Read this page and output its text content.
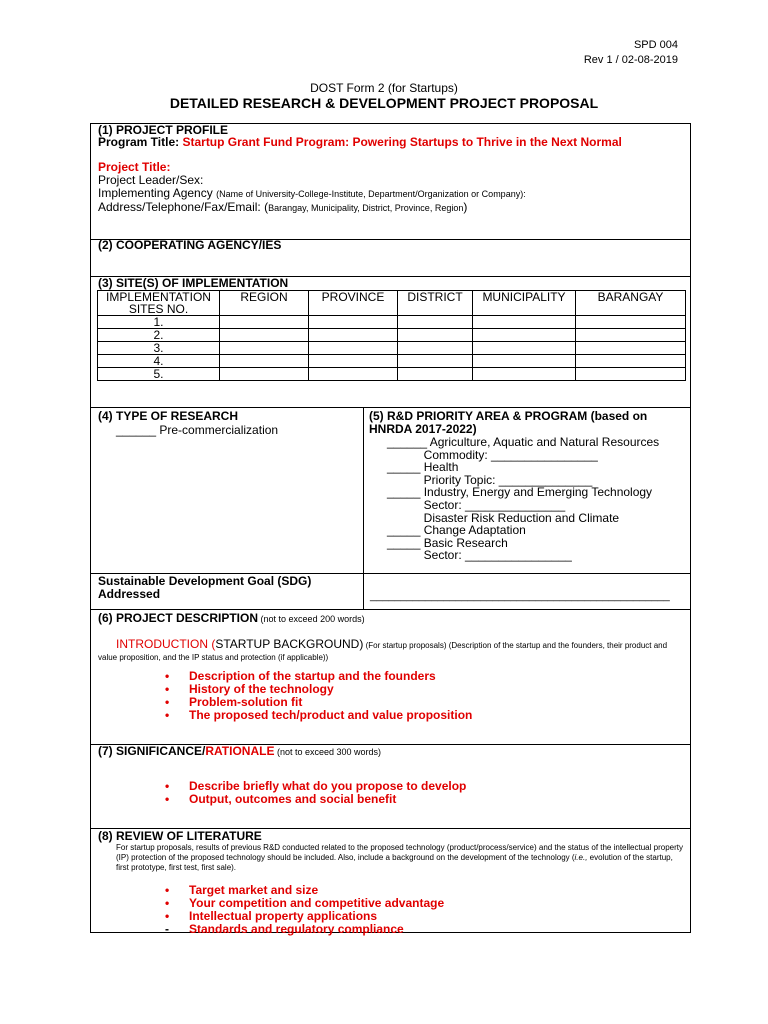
SPD 004
Rev 1 / 02-08-2019
DOST Form 2 (for Startups)
DETAILED RESEARCH & DEVELOPMENT PROJECT PROPOSAL
(1) PROJECT PROFILE
Program Title: Startup Grant Fund Program: Powering Startups to Thrive in the Next Normal
Project Title:
Project Leader/Sex:
Implementing Agency (Name of University-College-Institute, Department/Organization or Company):
Address/Telephone/Fax/Email: (Barangay, Municipality, District, Province, Region)
(2) COOPERATING AGENCY/IES
(3) SITE(S) OF IMPLEMENTATION
IMPLEMENTATION SITES NO.	REGION	PROVINCE	DISTRICT	MUNICIPALITY	BARANGAY
1.					
2.					
3.					
4.					
5.					
(4) TYPE OF RESEARCH
______ Pre-commercialization
(5) R&D PRIORITY AREA & PROGRAM (based on HNRDA 2017-2022)
______ Agriculture, Aquatic and Natural Resources
Commodity: ________________
_____ Health
Priority Topic: ______________
_____ Industry, Energy and Emerging Technology
Sector: _______________
Disaster Risk Reduction and Climate
_____ Change Adaptation
_____ Basic Research
Sector: ________________
Sustainable Development Goal (SDG) Addressed	_________________________________________________
(6) PROJECT DESCRIPTION (not to exceed 200 words)
INTRODUCTION (STARTUP BACKGROUND) (For startup proposals) (Description of the startup and the founders, their product and value proposition, and the IP status and protection (if applicable))
• Description of the startup and the founders
• History of the technology
• Problem-solution fit
• The proposed tech/product and value proposition
(7) SIGNIFICANCE/RATIONALE (not to exceed 300 words)
• Describe briefly what do you propose to develop
• Output, outcomes and social benefit
(8) REVIEW OF LITERATURE
For startup proposals, results of previous R&D conducted related to the proposed technology (product/process/service) and the status of the intellectual property (IP) protection of the proposed technology should be included. Also, include a background on the development of the technology (i.e., evolution of the startup, first prototype, first test, first sale).
• Target market and size
• Your competition and competitive advantage
• Intellectual property applications
- Standards and regulatory compliance
